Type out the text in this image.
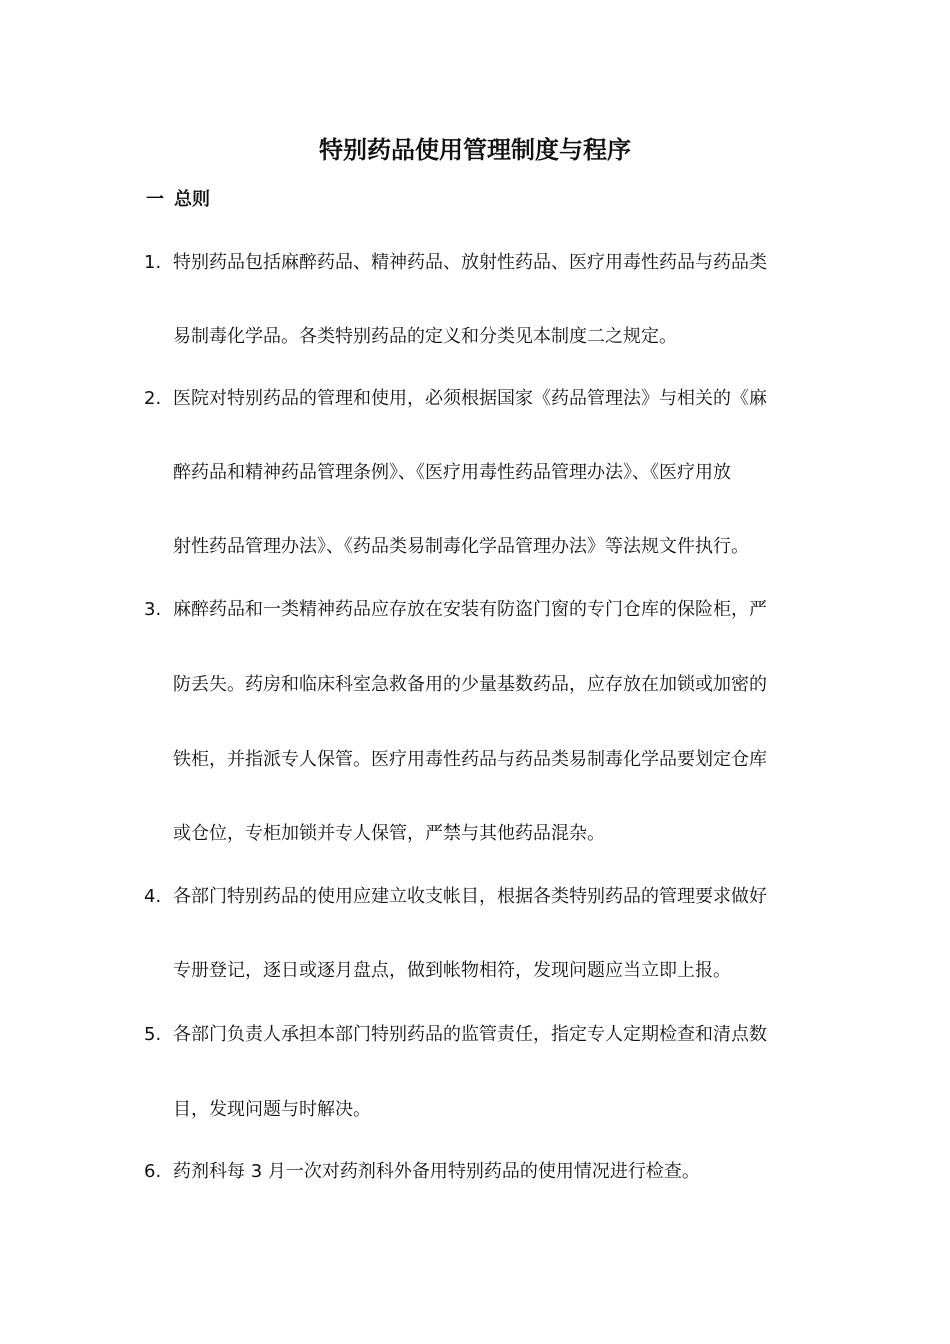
特别药品使用管理制度与程序
一 总则
1. 特别药品包括麻醉药品、精神药品、放射性药品、医疗用毒性药品与药品类
易制毒化学品。各类特别药品的定义和分类见本制度二之规定。
2. 医院对特别药品的管理和使用，必须根据国家《药品管理法》与相关的《麻
醉药品和精神药品管理条例》、《医疗用毒性药品管理办法》、《医疗用放
射性药品管理办法》、《药品类易制毒化学品管理办法》等法规文件执行。
3. 麻醉药品和一类精神药品应存放在安装有防盗门窗的专门仓库的保险柜，严
防丢失。药房和临床科室急救备用的少量基数药品，应存放在加锁或加密的
铁柜，并指派专人保管。医疗用毒性药品与药品类易制毒化学品要划定仓库
或仓位，专柜加锁并专人保管，严禁与其他药品混杂。
4. 各部门特别药品的使用应建立收支帐目，根据各类特别药品的管理要求做好
专册登记，逐日或逐月盘点，做到帐物相符，发现问题应当立即上报。
5. 各部门负责人承担本部门特别药品的监管责任，指定专人定期检查和清点数
目，发现问题与时解决。
6. 药剂科每 3 月一次对药剂科外备用特别药品的使用情况进行检查。
